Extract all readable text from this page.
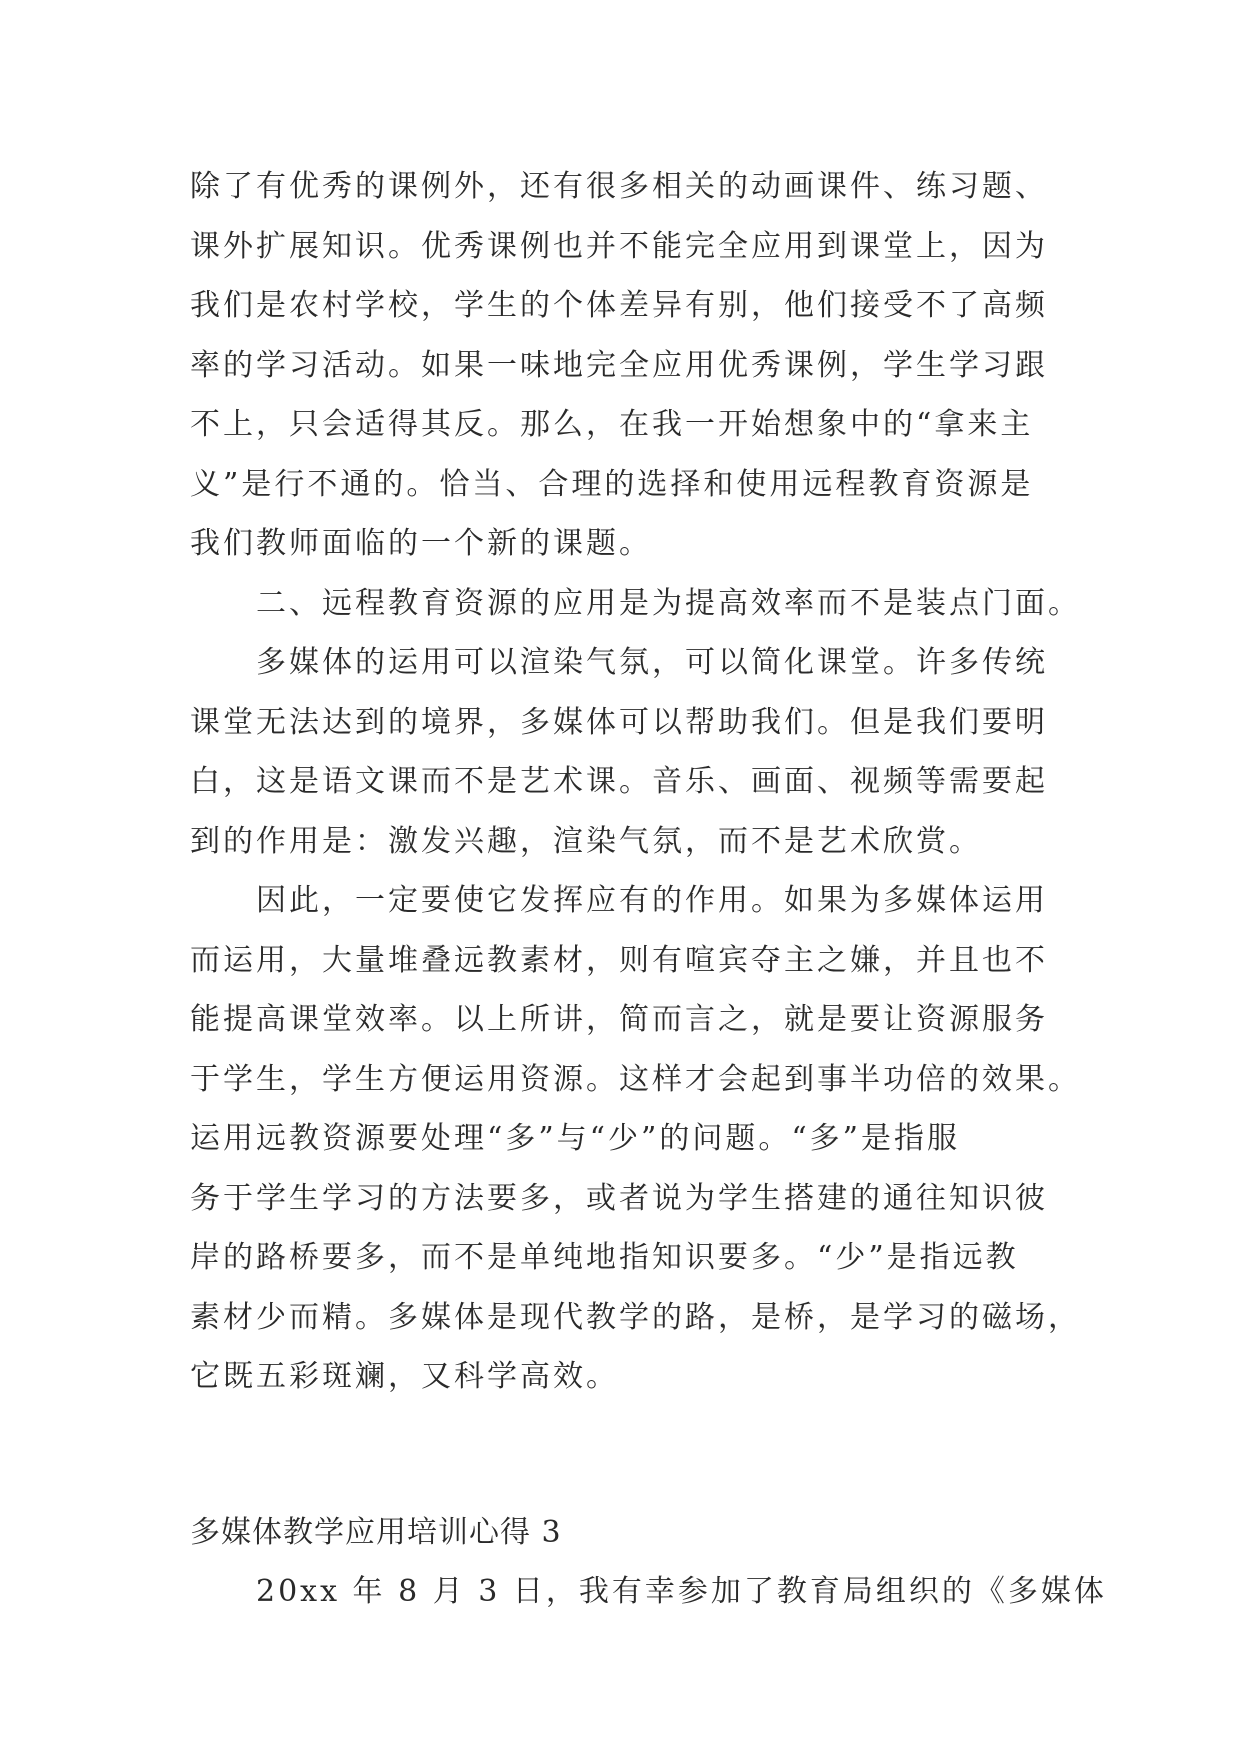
除了有优秀的课例外，还有很多相关的动画课件、练习题、
课外扩展知识。优秀课例也并不能完全应用到课堂上，因为
我们是农村学校，学生的个体差异有别，他们接受不了高频
率的学习活动。如果一味地完全应用优秀课例，学生学习跟
不上，只会适得其反。那么，在我一开始想象中的“拿来主
义”是行不通的。恰当、合理的选择和使用远程教育资源是
我们教师面临的一个新的课题。
二、远程教育资源的应用是为提高效率而不是装点门面。
多媒体的运用可以渲染气氛，可以简化课堂。许多传统
课堂无法达到的境界，多媒体可以帮助我们。但是我们要明
白，这是语文课而不是艺术课。音乐、画面、视频等需要起
到的作用是：激发兴趣，渲染气氛，而不是艺术欣赏。
因此，一定要使它发挥应有的作用。如果为多媒体运用
而运用，大量堆叠远教素材，则有喧宾夺主之嫌，并且也不
能提高课堂效率。以上所讲，简而言之，就是要让资源服务
于学生，学生方便运用资源。这样才会起到事半功倍的效果。
运用远教资源要处理“多”与“少”的问题。“多”是指服
务于学生学习的方法要多，或者说为学生搭建的通往知识彼
岸的路桥要多，而不是单纯地指知识要多。“少”是指远教
素材少而精。多媒体是现代教学的路，是桥，是学习的磁场，
它既五彩斑斓，又科学高效。
多媒体教学应用培训心得 3
20xx 年 8 月 3 日，我有幸参加了教育局组织的《多媒体
